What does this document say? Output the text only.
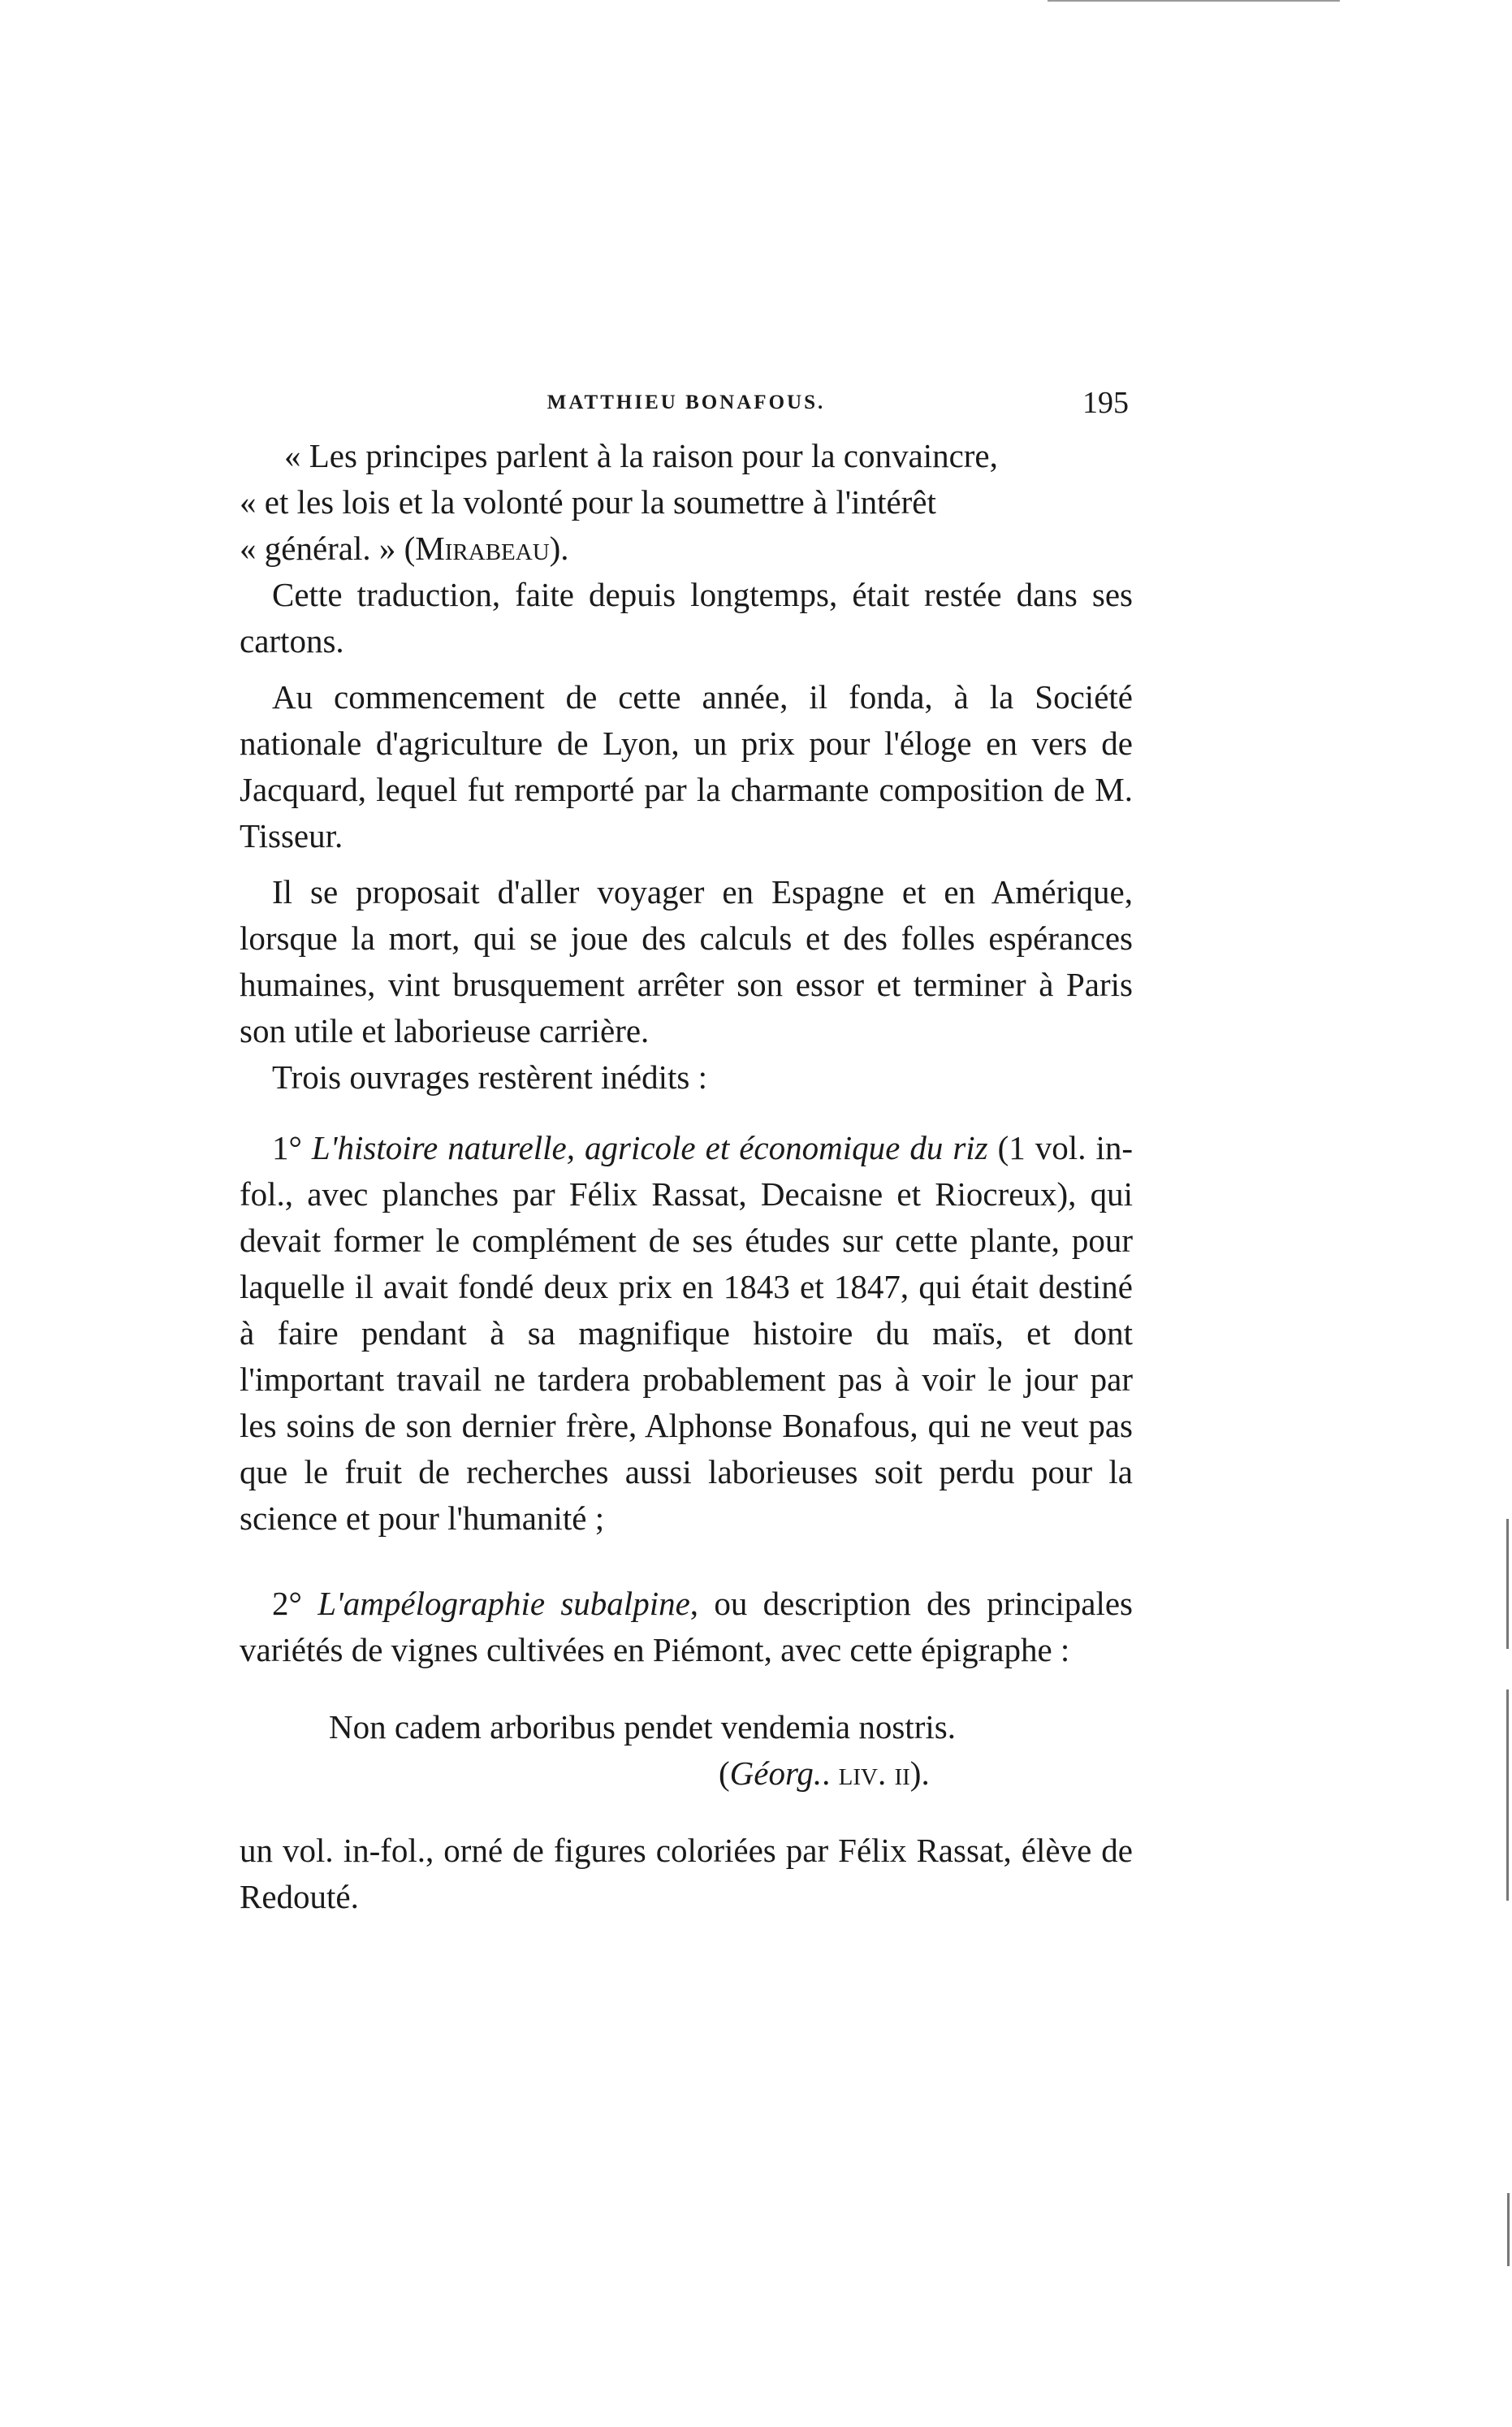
MATTHIEU BONAFOUS.	195

« Les principes parlent à la raison pour la convaincre,

« et les lois et la volonté pour la soumettre à l'intérêt

« général. » (Mirabeau).

Cette traduction, faite depuis longtemps, était restée dans ses cartons.

Au commencement de cette année, il fonda, à la Société nationale d'agriculture de Lyon, un prix pour l'éloge en vers de Jacquard, lequel fut remporté par la charmante composition de M. Tisseur.

Il se proposait d'aller voyager en Espagne et en Amérique, lorsque la mort, qui se joue des calculs et des folles espérances humaines, vint brusquement arrêter son essor et terminer à Paris son utile et laborieuse carrière.

Trois ouvrages restèrent inédits :

1° L'histoire naturelle, agricole et économique du riz (1 vol. in-fol., avec planches par Félix Rassat, Decaisne et Riocreux), qui devait former le complément de ses études sur cette plante, pour laquelle il avait fondé deux prix en 1843 et 1847, qui était destiné à faire pendant à sa magnifique histoire du maïs, et dont l'important travail ne tardera probablement pas à voir le jour par les soins de son dernier frère, Alphonse Bonafous, qui ne veut pas que le fruit de recherches aussi laborieuses soit perdu pour la science et pour l'humanité ;

2° L'ampélographie subalpine, ou description des principales variétés de vignes cultivées en Piémont, avec cette épigraphe :

Non cadem arboribus pendet vendemia nostris.
(Géorg.. liv. ii).

un vol. in-fol., orné de figures coloriées par Félix Rassat, élève de Redouté.
